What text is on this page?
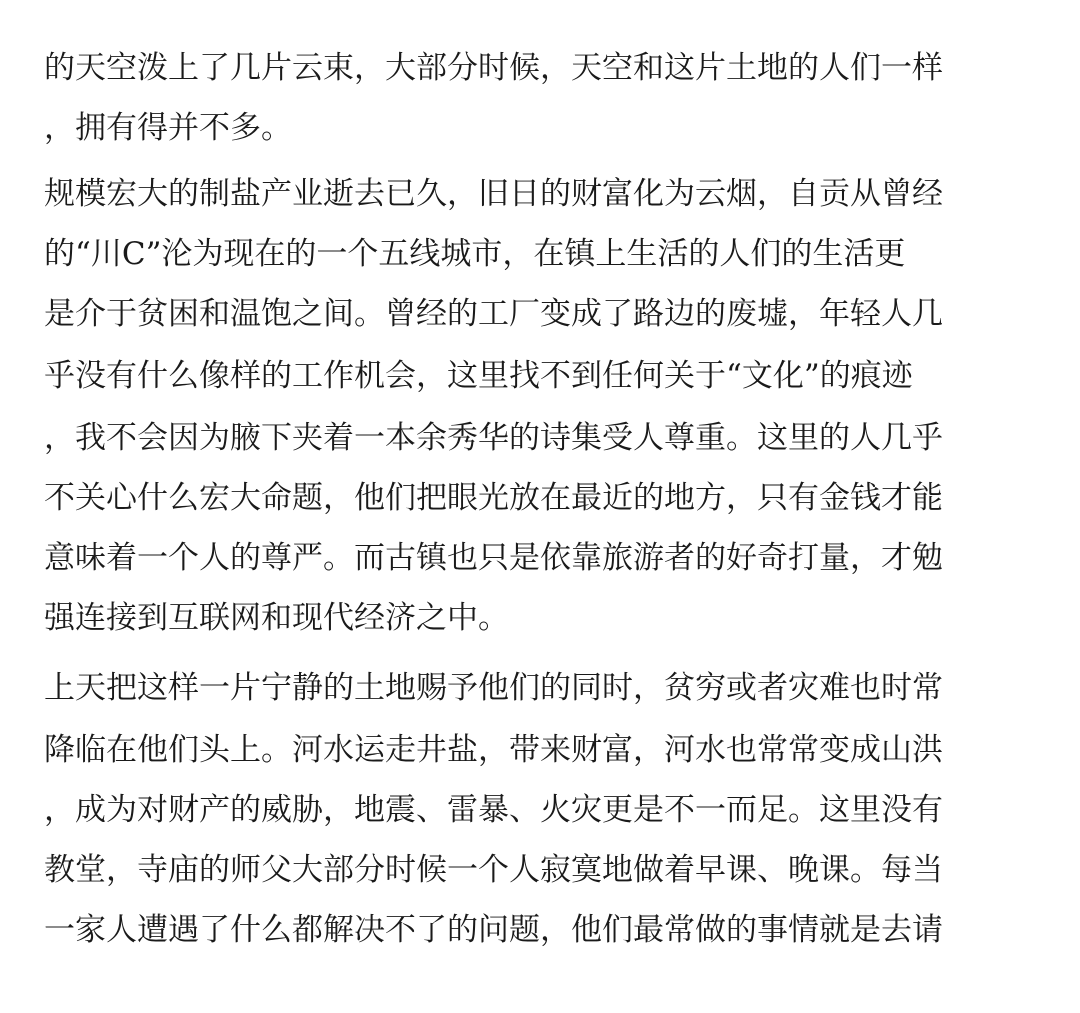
的天空泼上了几片云束，大部分时候，天空和这片土地的人们一样

，拥有得并不多。

规模宏大的制盐产业逝去已久，旧日的财富化为云烟，自贡从曾经

的“川C”沦为现在的一个五线城市，在镇上生活的人们的生活更

是介于贫困和温饱之间。曾经的工厂变成了路边的废墟，年轻人几

乎没有什么像样的工作机会，这里找不到任何关于“文化”的痕迹

，我不会因为腋下夹着一本余秀华的诗集受人尊重。这里的人几乎

不关心什么宏大命题，他们把眼光放在最近的地方，只有金钱才能

意味着一个人的尊严。而古镇也只是依靠旅游者的好奇打量，才勉

强连接到互联网和现代经济之中。

上天把这样一片宁静的土地赐予他们的同时，贫穷或者灾难也时常

降临在他们头上。河水运走井盐，带来财富，河水也常常变成山洪

，成为对财产的威胁，地震、雷暴、火灾更是不一而足。这里没有

教堂，寺庙的师父大部分时候一个人寂寞地做着早课、晚课。每当

一家人遭遇了什么都解决不了的问题，他们最常做的事情就是去请
